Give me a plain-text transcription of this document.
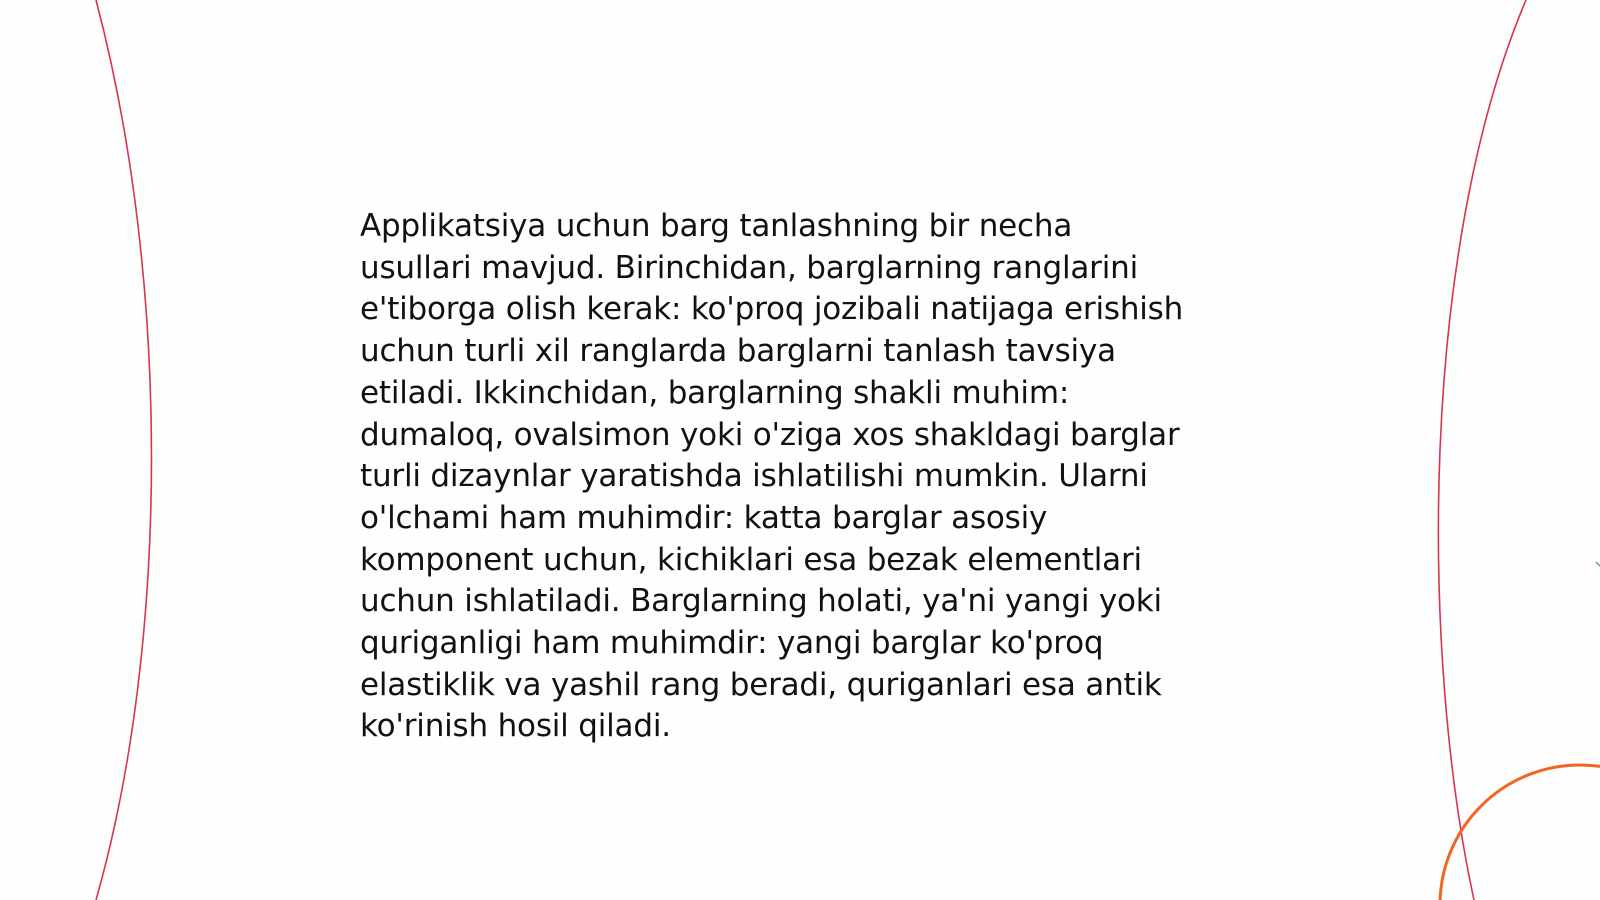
Applikatsiya uchun barg tanlashning bir necha
usullari mavjud. Birinchidan, barglarning ranglarini
e'tiborga olish kerak: ko'proq jozibali natijaga erishish
uchun turli xil ranglarda barglarni tanlash tavsiya
etiladi. Ikkinchidan, barglarning shakli muhim:
dumaloq, ovalsimon yoki o'ziga xos shakldagi barglar
turli dizaynlar yaratishda ishlatilishi mumkin. Ularni
o'lchami ham muhimdir: katta barglar asosiy
komponent uchun, kichiklari esa bezak elementlari
uchun ishlatiladi. Barglarning holati, ya'ni yangi yoki
quriganligi ham muhimdir: yangi barglar ko'proq
elastiklik va yashil rang beradi, quriganlari esa antik
ko'rinish hosil qiladi.
